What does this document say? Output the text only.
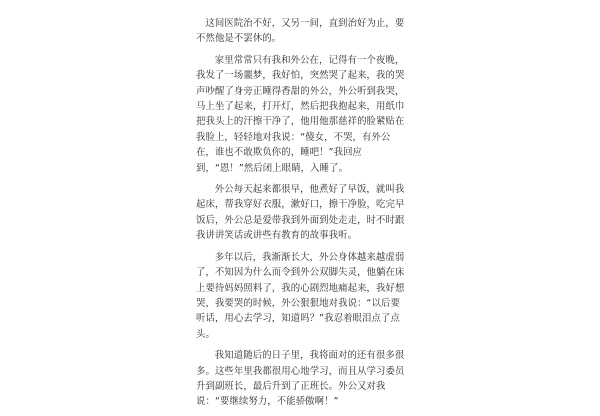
这间医院治不好，又另一间，直到治好为止，要不然他是不罢休的。

家里常常只有我和外公在，记得有一个夜晚，我发了一场噩梦，我好怕，突然哭了起来，我的哭声吵醒了身旁正睡得香甜的外公，外公听到我哭，马上坐了起来，打开灯，然后把我抱起来，用纸巾把我头上的汗擦干净了，他用他那慈祥的脸紧贴在我脸上，轻轻地对我说：“傻女，不哭，有外公在，谁也不敢欺负你的，睡吧！”我回应到，“恩！”然后闭上眼睛，入睡了。

外公每天起来都很早，他煮好了早饭，就叫我起床，帮我穿好衣服，漱好口，擦干净脸，吃完早饭后，外公总是爱带我到外面到处走走，时不时跟我讲讲笑话或讲些有教育的故事我听。

多年以后，我渐渐长大，外公身体越来越虚弱了，不知因为什么而令到外公双脚失灵，他躺在床上要待妈妈照料了，我的心剧烈地痛起来，我好想哭，我要哭的时候，外公狠狠地对我说：“以后要听话，用心去学习，知道吗？”我忍着眼泪点了点头。

我知道随后的日子里，我将面对的还有很多很多。这些年里我都很用心地学习，而且从学习委员升到副班长，最后升到了正班长。外公又对我说：“要继续努力，不能骄傲啊！”
